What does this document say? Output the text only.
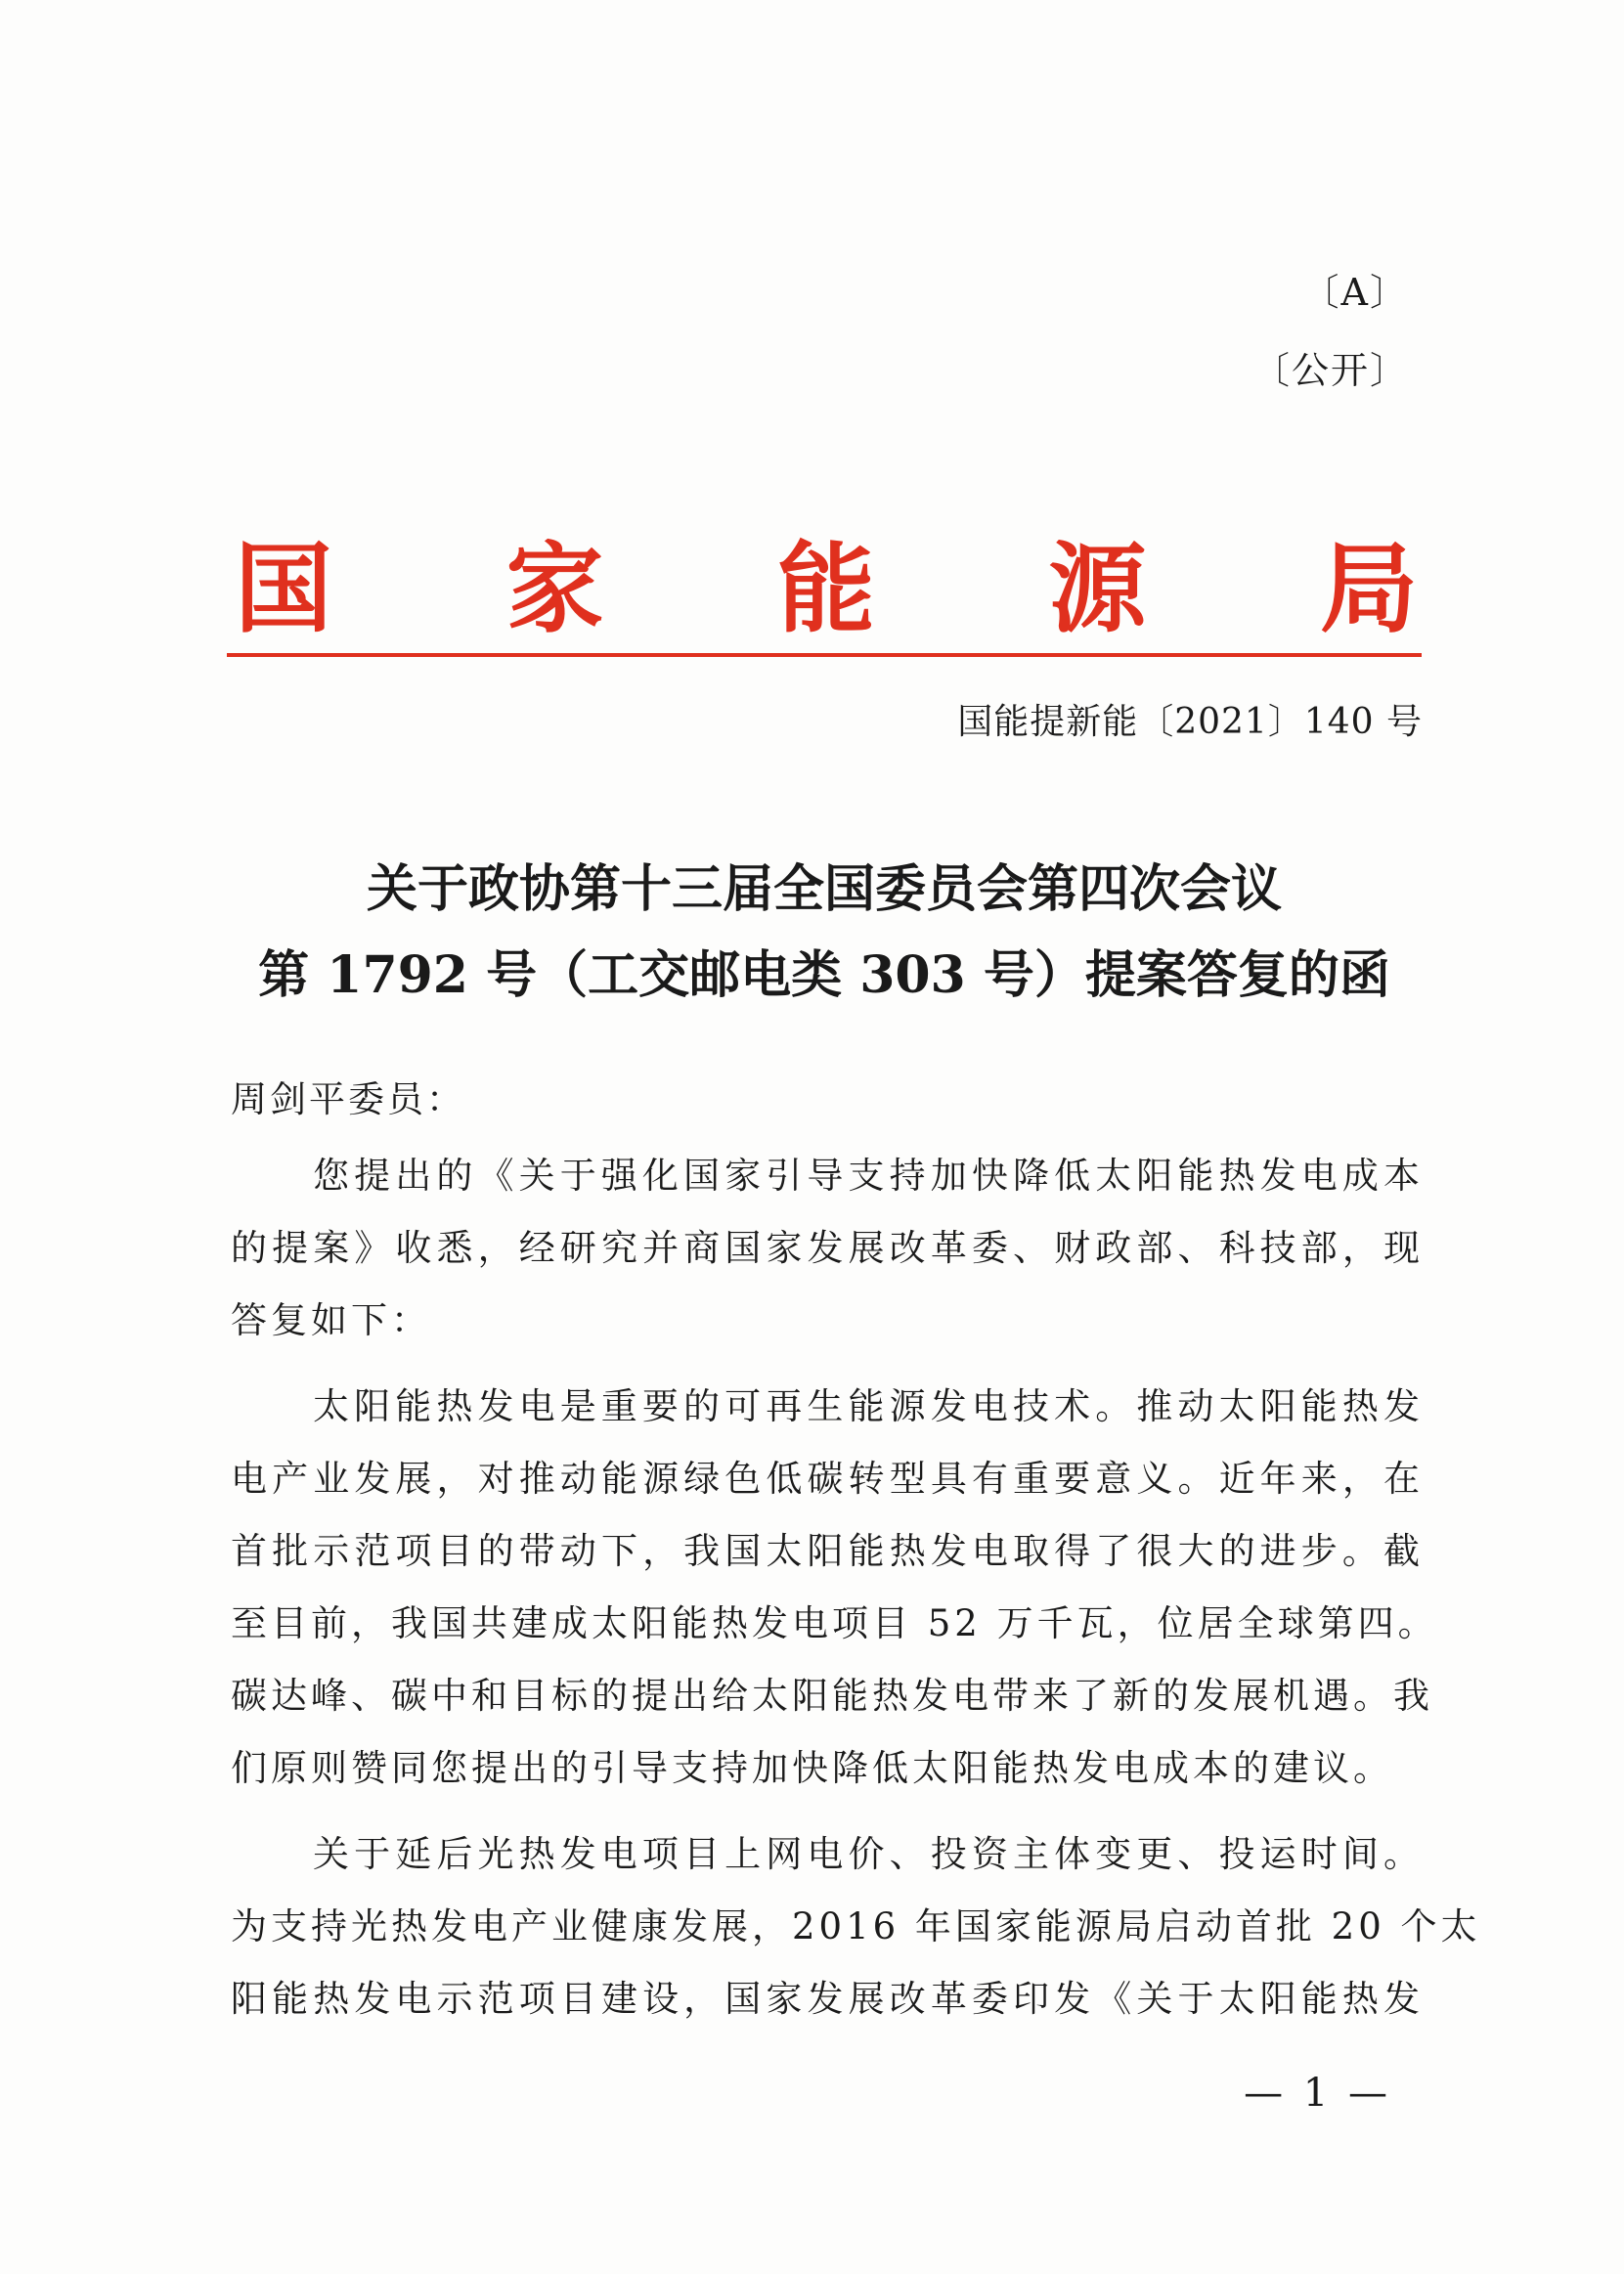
〔A〕
〔公开〕
国 家 能 源 局
国能提新能〔2021〕140 号
关于政协第十三届全国委员会第四次会议
第 1792 号（工交邮电类 303 号）提案答复的函
周剑平委员：
您提出的《关于强化国家引导支持加快降低太阳能热发电成本
的提案》收悉，经研究并商国家发展改革委、财政部、科技部，现
答复如下：
太阳能热发电是重要的可再生能源发电技术。推动太阳能热发
电产业发展，对推动能源绿色低碳转型具有重要意义。近年来，在
首批示范项目的带动下，我国太阳能热发电取得了很大的进步。截
至目前，我国共建成太阳能热发电项目 52 万千瓦，位居全球第四。
碳达峰、碳中和目标的提出给太阳能热发电带来了新的发展机遇。我
们原则赞同您提出的引导支持加快降低太阳能热发电成本的建议。
关于延后光热发电项目上网电价、投资主体变更、投运时间。
为支持光热发电产业健康发展，2016 年国家能源局启动首批 20 个太
阳能热发电示范项目建设，国家发展改革委印发《关于太阳能热发
— 1 —
